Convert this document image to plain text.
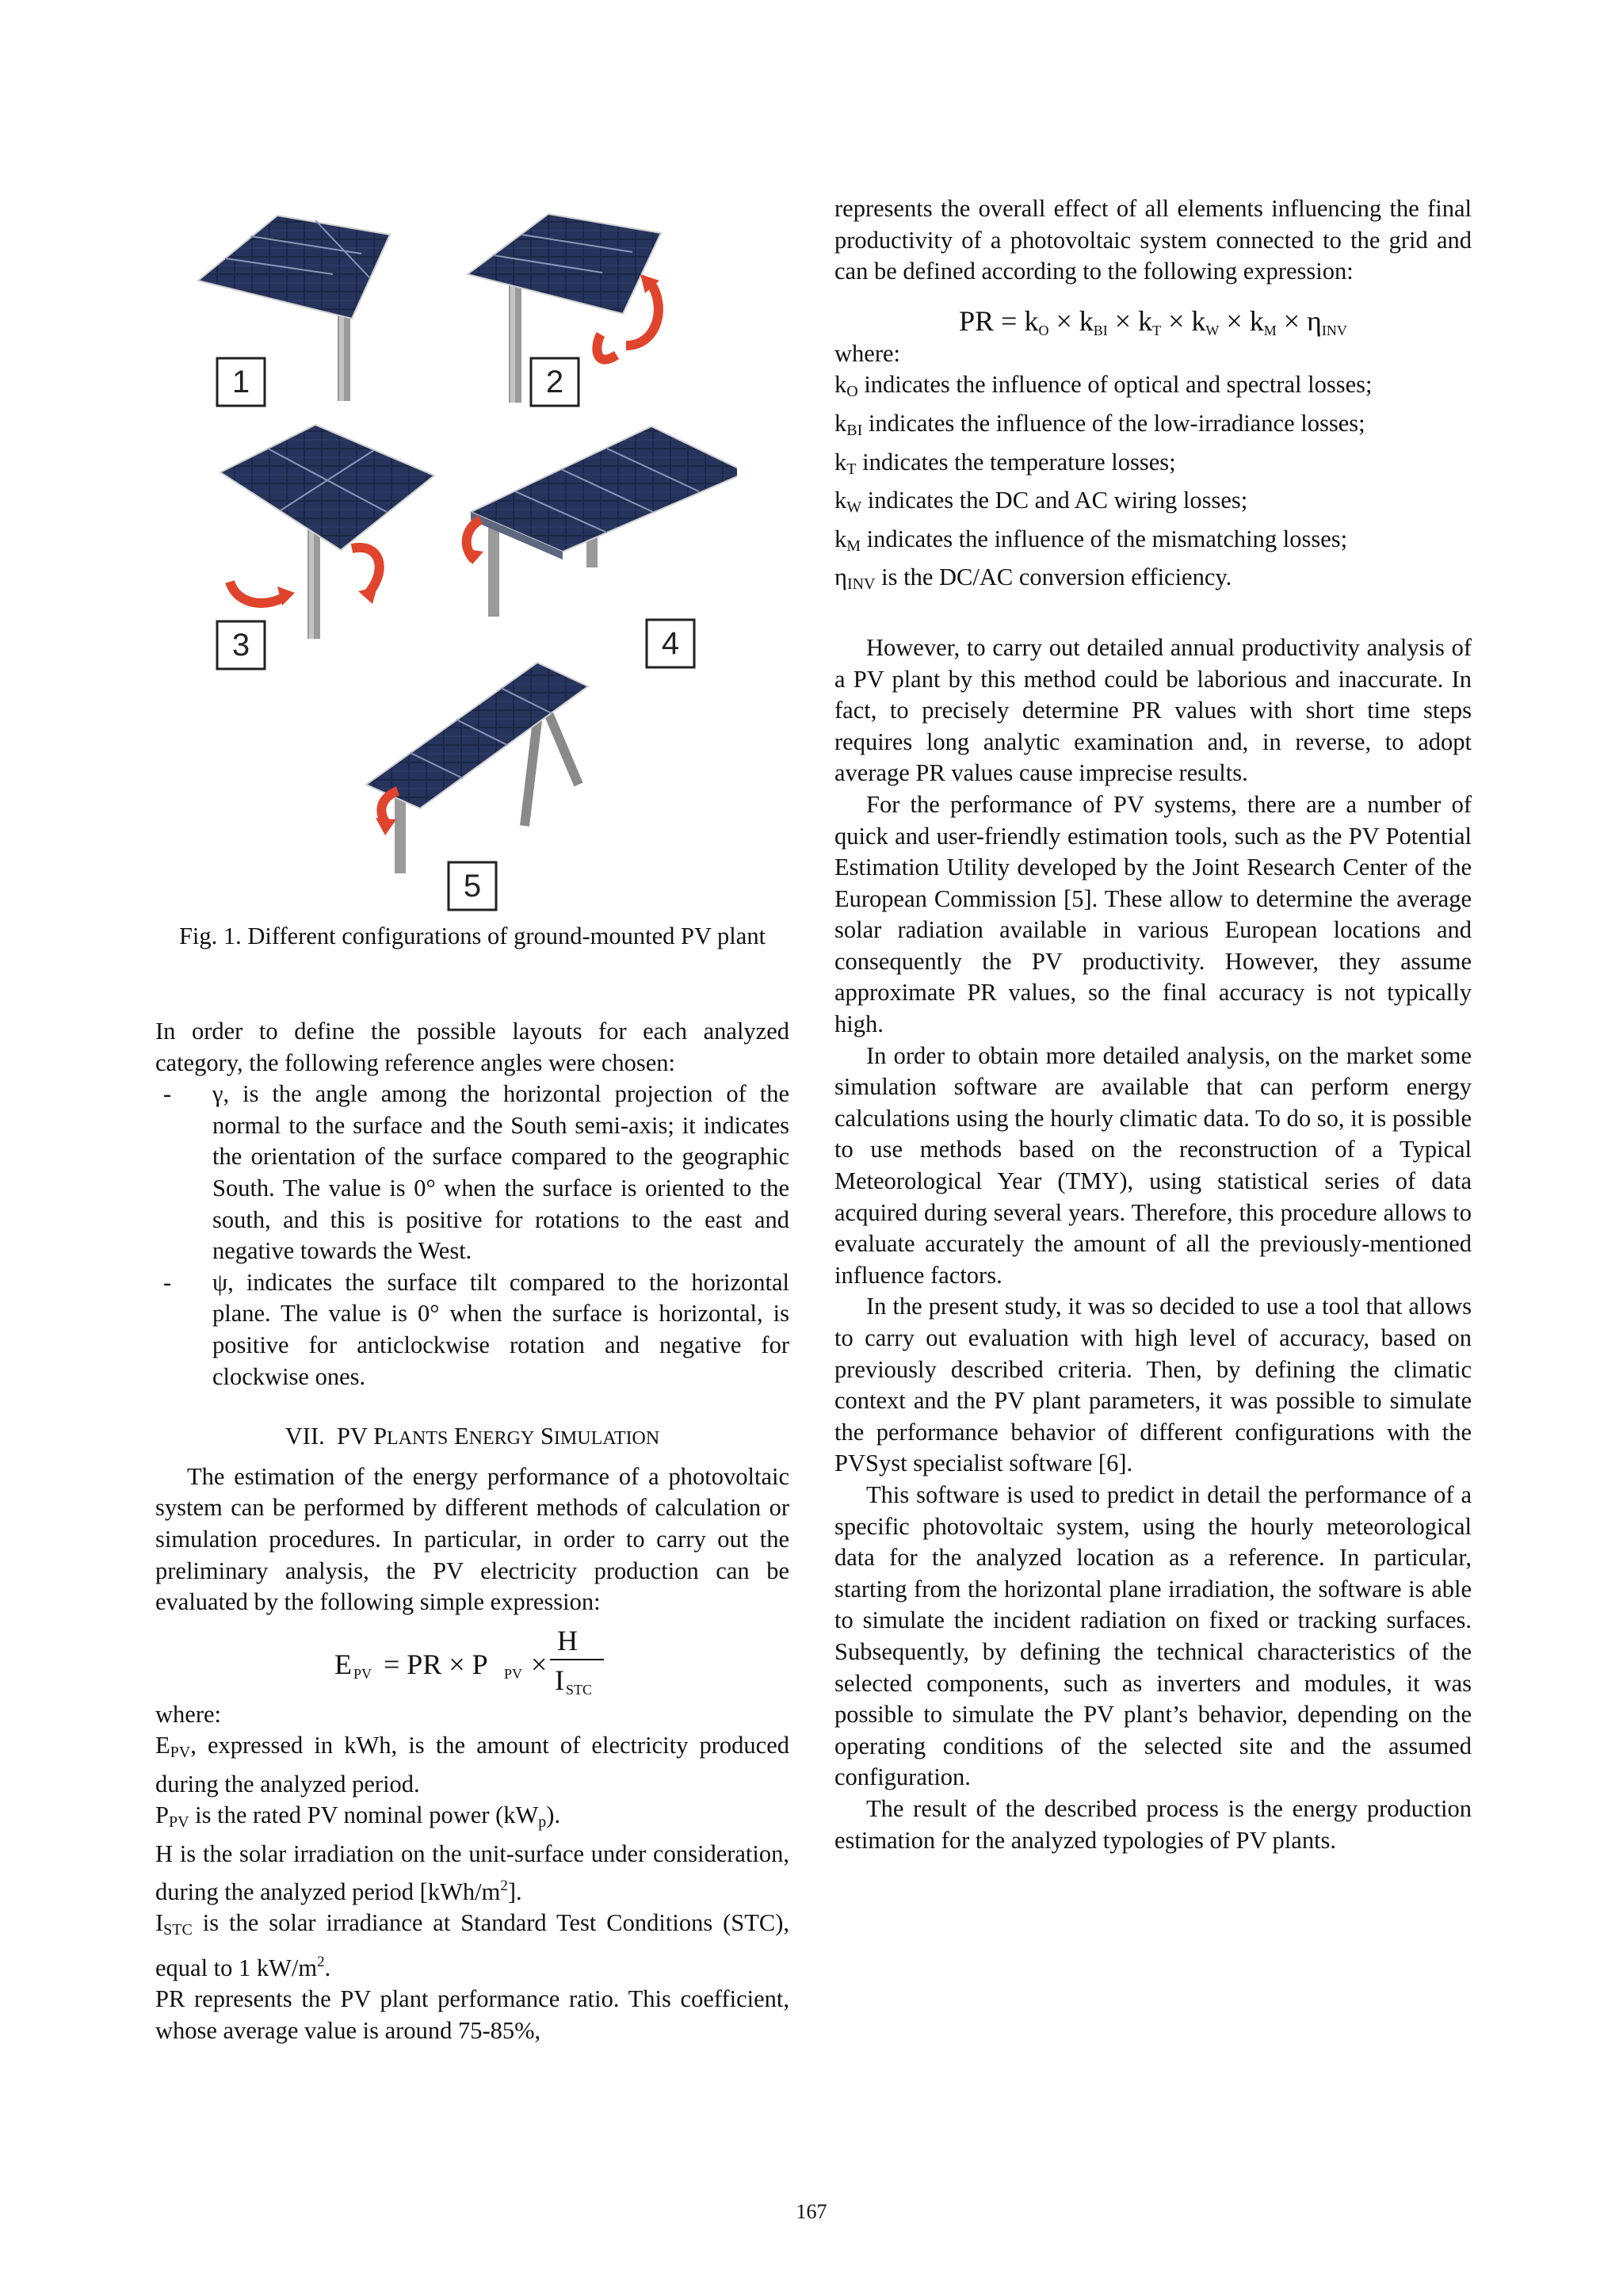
1	2
3	4
5
Fig. 1. Different configurations of ground-mounted PV plant

In order to define the possible layouts for each analyzed category, the following reference angles were chosen:

- γ, is the angle among the horizontal projection of the normal to the surface and the South semi-axis; it indicates the orientation of the surface compared to the geographic South. The value is 0° when the surface is oriented to the south, and this is positive for rotations to the east and negative towards the West.
- ψ, indicates the surface tilt compared to the horizontal plane. The value is 0° when the surface is horizontal, is positive for anticlockwise rotation and negative for clockwise ones.
VII. PV PLANTS ENERGY SIMULATION

The estimation of the energy performance of a photovoltaic system can be performed by different methods of calculation or simulation procedures. In particular, in order to carry out the preliminary analysis, the PV electricity production can be evaluated by the following simple expression:

E PV = PR × P PV ×
H
I STC

where:

EPV, expressed in kWh, is the amount of electricity produced during the analyzed period.

PPV is the rated PV nominal power (kWp).

H is the solar irradiation on the unit-surface under consideration, during the analyzed period $[kWh/m^2]$.

ISTC is the solar irradiance at Standard Test Conditions (STC), equal to 1 $kW/m^2$.

PR represents the PV plant performance ratio. This coefficient, whose average value is around 75-85%,

represents the overall effect of all elements influencing the final productivity of a photovoltaic system connected to the grid and can be defined according to the following expression:

PR = $k_O \times k_{BI} \times k_T \times k_W \times k_M \times \eta_{INV}$

where:

kO indicates the influence of optical and spectral losses;

kBI indicates the influence of the low-irradiance losses;

kT indicates the temperature losses;

kW indicates the DC and AC wiring losses;

kM indicates the influence of the mismatching losses;

ηINV is the DC/AC conversion efficiency.

However, to carry out detailed annual productivity analysis of a PV plant by this method could be laborious and inaccurate. In fact, to precisely determine PR values with short time steps requires long analytic examination and, in reverse, to adopt average PR values cause imprecise results.

For the performance of PV systems, there are a number of quick and user-friendly estimation tools, such as the PV Potential Estimation Utility developed by the Joint Research Center of the European Commission [5]. These allow to determine the average solar radiation available in various European locations and consequently the PV productivity. However, they assume approximate PR values, so the final accuracy is not typically high.

In order to obtain more detailed analysis, on the market some simulation software are available that can perform energy calculations using the hourly climatic data. To do so, it is possible to use methods based on the reconstruction of a Typical Meteorological Year (TMY), using statistical series of data acquired during several years. Therefore, this procedure allows to evaluate accurately the amount of all the previously-mentioned influence factors.

In the present study, it was so decided to use a tool that allows to carry out evaluation with high level of accuracy, based on previously described criteria. Then, by defining the climatic context and the PV plant parameters, it was possible to simulate the performance behavior of different configurations with the PVSyst specialist software [6].

This software is used to predict in detail the performance of a specific photovoltaic system, using the hourly meteorological data for the analyzed location as a reference. In particular, starting from the horizontal plane irradiation, the software is able to simulate the incident radiation on fixed or tracking surfaces. Subsequently, by defining the technical characteristics of the selected components, such as inverters and modules, it was possible to simulate the PV plant’s behavior, depending on the operating conditions of the selected site and the assumed configuration.

The result of the described process is the energy production estimation for the analyzed typologies of PV plants.

167
